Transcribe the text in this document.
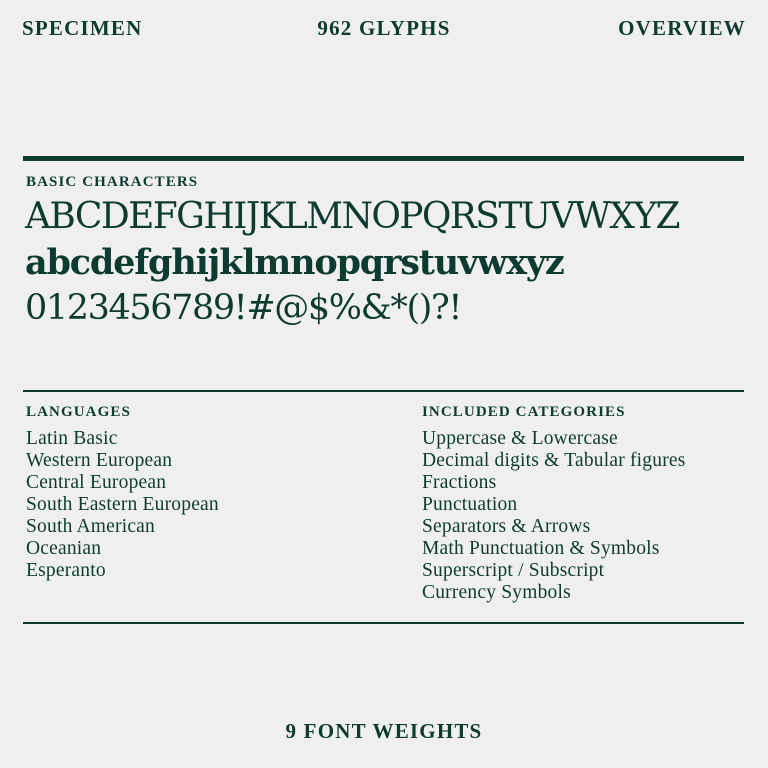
SPECIMEN	962 GLYPHS	OVERVIEW
BASIC CHARACTERS
ABCDEFGHIJKLMNOPQRSTUVWXYZ
abcdefghijklmnopqrstuvwxyz
0123456789!#@$%&*()?!
LANGUAGES
Latin Basic
Western European
Central European
South Eastern European
South American
Oceanian
Esperanto
INCLUDED CATEGORIES
Uppercase & Lowercase
Decimal digits & Tabular figures
Fractions
Punctuation
Separators & Arrows
Math Punctuation & Symbols
Superscript / Subscript
Currency Symbols
9 FONT WEIGHTS
